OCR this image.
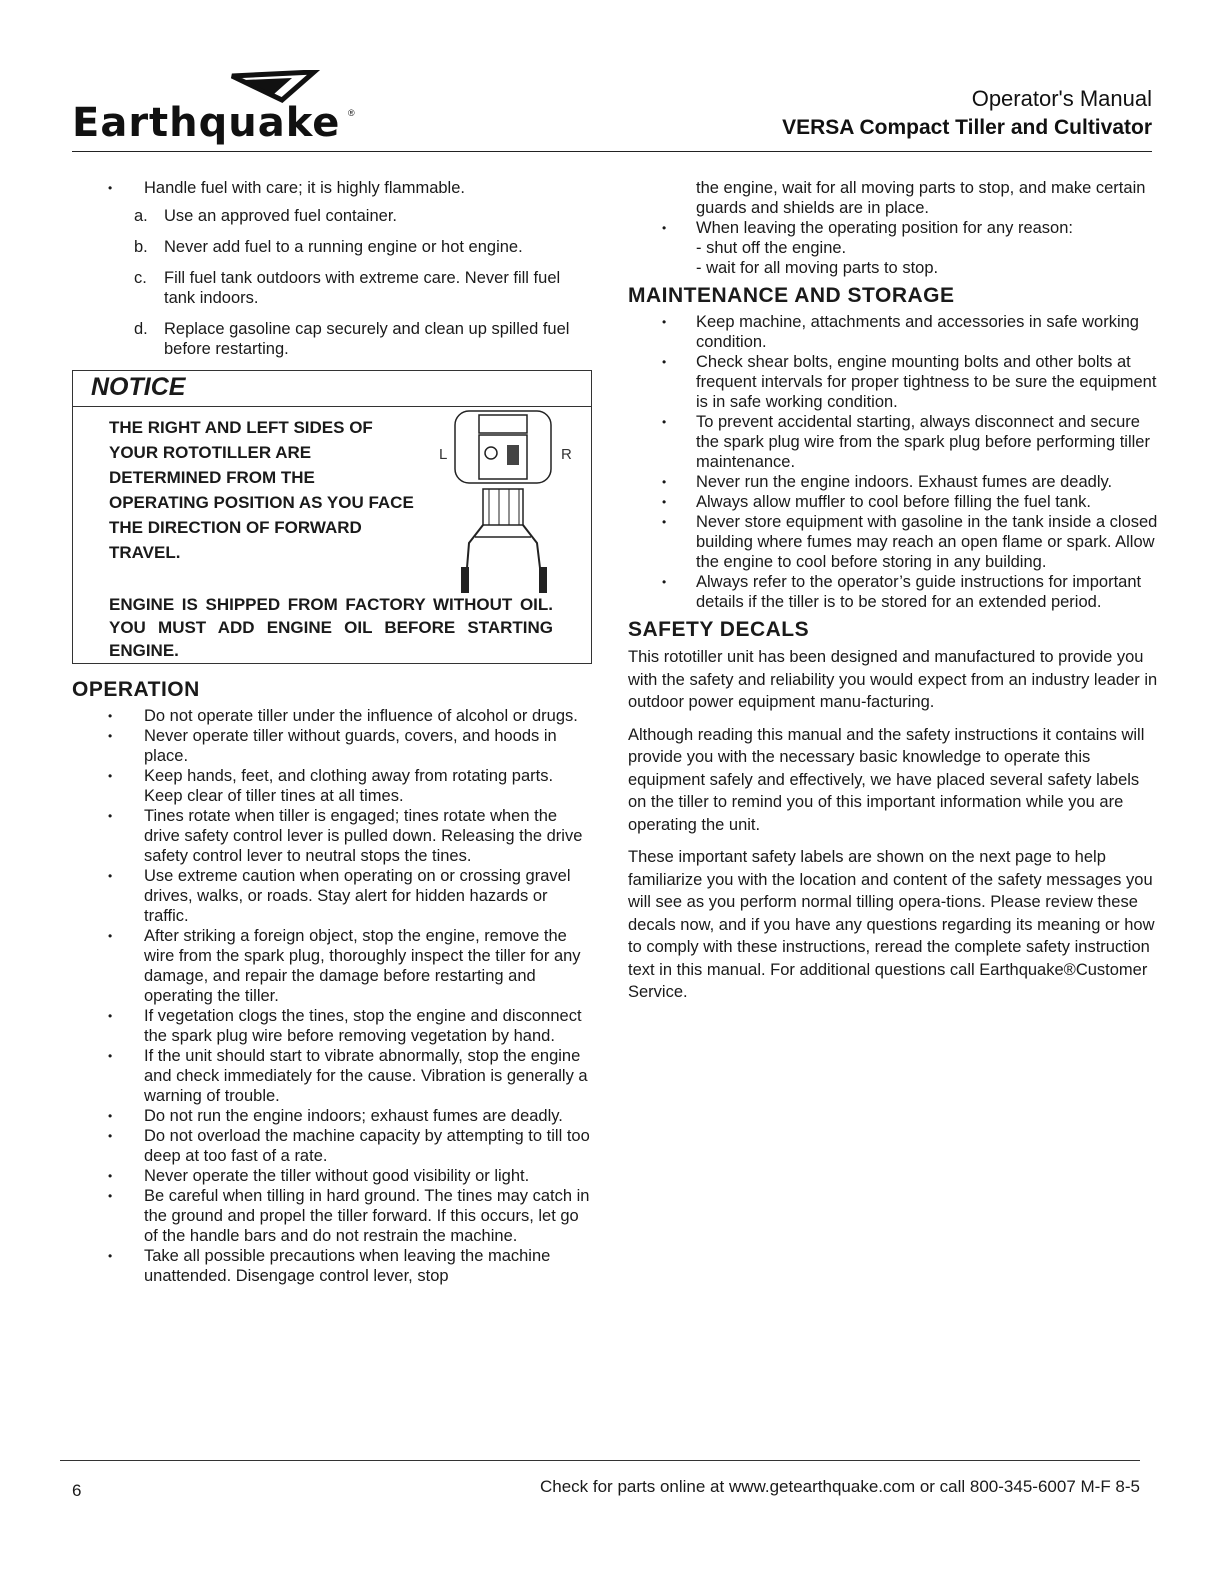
Earthquake ®
Operator's Manual
VERSA Compact Tiller and Cultivator
• Handle fuel with care; it is highly flammable.
a. Use an approved fuel container.
b. Never add fuel to a running engine or hot engine.
c. Fill fuel tank outdoors with extreme care. Never fill fuel tank indoors.
d. Replace gasoline cap securely and clean up spilled fuel before restarting.
NOTICE
THE RIGHT AND LEFT SIDES OF YOUR ROTOTILLER ARE DETERMINED FROM THE OPERATING POSITION AS YOU FACE THE DIRECTION OF FORWARD TRAVEL.
L	R
ENGINE IS SHIPPED FROM FACTORY WITHOUT OIL. YOU MUST ADD ENGINE OIL BEFORE STARTING ENGINE.
OPERATION
• Do not operate tiller under the influence of alcohol or drugs.
• Never operate tiller without guards, covers, and hoods in place.
• Keep hands, feet, and clothing away from rotating parts. Keep clear of tiller tines at all times.
• Tines rotate when tiller is engaged; tines rotate when the drive safety control lever is pulled down. Releasing the drive safety control lever to neutral stops the tines.
• Use extreme caution when operating on or crossing gravel drives, walks, or roads. Stay alert for hidden hazards or traffic.
• After striking a foreign object, stop the engine, remove the wire from the spark plug, thoroughly inspect the tiller for any damage, and repair the damage before restarting and operating the tiller.
• If vegetation clogs the tines, stop the engine and disconnect the spark plug wire before removing vegetation by hand.
• If the unit should start to vibrate abnormally, stop the engine and check immediately for the cause. Vibration is generally a warning of trouble.
• Do not run the engine indoors; exhaust fumes are deadly.
• Do not overload the machine capacity by attempting to till too deep at too fast of a rate.
• Never operate the tiller without good visibility or light.
• Be careful when tilling in hard ground. The tines may catch in the ground and propel the tiller forward. If this occurs, let go of the handle bars and do not restrain the machine.
• Take all possible precautions when leaving the machine unattended. Disengage control lever, stop
the engine, wait for all moving parts to stop, and make certain guards and shields are in place.
• When leaving the operating position for any reason:
- shut off the engine.
- wait for all moving parts to stop.
MAINTENANCE AND STORAGE
• Keep machine, attachments and accessories in safe working condition.
• Check shear bolts, engine mounting bolts and other bolts at frequent intervals for proper tightness to be sure the equipment is in safe working condition.
• To prevent accidental starting, always disconnect and secure the spark plug wire from the spark plug before performing tiller maintenance.
• Never run the engine indoors. Exhaust fumes are deadly.
• Always allow muffler to cool before filling the fuel tank.
• Never store equipment with gasoline in the tank inside a closed building where fumes may reach an open flame or spark. Allow the engine to cool before storing in any building.
• Always refer to the operator’s guide instructions for important details if the tiller is to be stored for an extended period.
SAFETY DECALS

This rototiller unit has been designed and manufactured to provide you with the safety and reliability you would expect from an industry leader in outdoor power equipment manu-facturing.

Although reading this manual and the safety instructions it contains will provide you with the necessary basic knowledge to operate this equipment safely and effectively, we have placed several safety labels on the tiller to remind you of this important information while you are operating the unit.

These important safety labels are shown on the next page to help familiarize you with the location and content of the safety messages you will see as you perform normal tilling opera-tions. Please review these decals now, and if you have any questions regarding its meaning or how to comply with these instructions, reread the complete safety instruction text in this manual. For additional questions call Earthquake®Customer Service.

6	Check for parts online at www.getearthquake.com or call 800-345-6007 M-F 8-5
